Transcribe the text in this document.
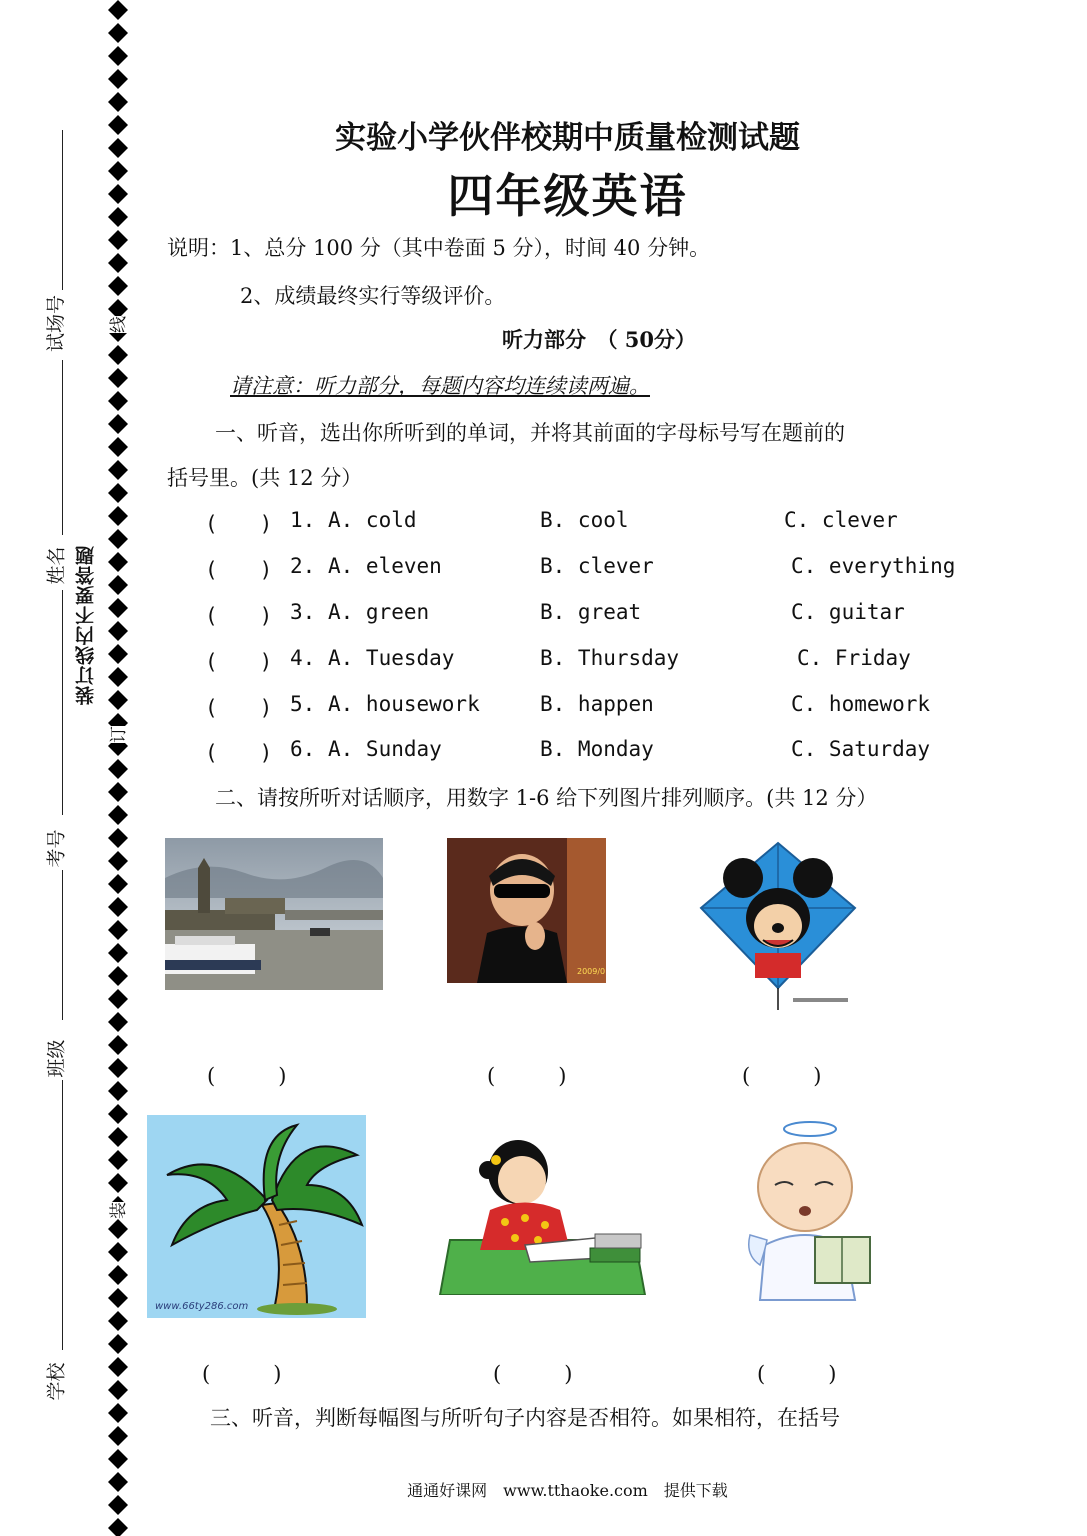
试场号
姓名
考号
班级
学校
装订线内不要答题
线
订
装
实验小学伙伴校期中质量检测试题
四年级英语
说明：1、总分 100 分（其中卷面 5 分），时间 40 分钟。
2、成绩最终实行等级评价。
听力部分　（ 50分）
请注意：听力部分，每题内容均连续读两遍。
一、听音，选出你所听到的单词，并将其前面的字母标号写在题前的
括号里。(共 12 分）
(　　) 1. A. cold	B. cool	C. clever
(　　) 2. A. eleven	B. clever	C. everything
(　　) 3. A. green	B. great	C. guitar
(　　) 4. A. Tuesday	B. Thursday	C. Friday
(　　) 5. A. housework	B. happen	C. homework
(　　) 6. A. Sunday	B. Monday	C. Saturday
二、请按所听对话顺序，用数字 1-6 给下列图片排列顺序。(共 12 分）
2009/0
(　　　)	(　　　)	(　　　)
www.66ty286.com
(　　　)	(　　　)	(　　　)
三、听音，判断每幅图与所听句子内容是否相符。如果相符，在括号
通通好课网　www.tthaoke.com　提供下载
